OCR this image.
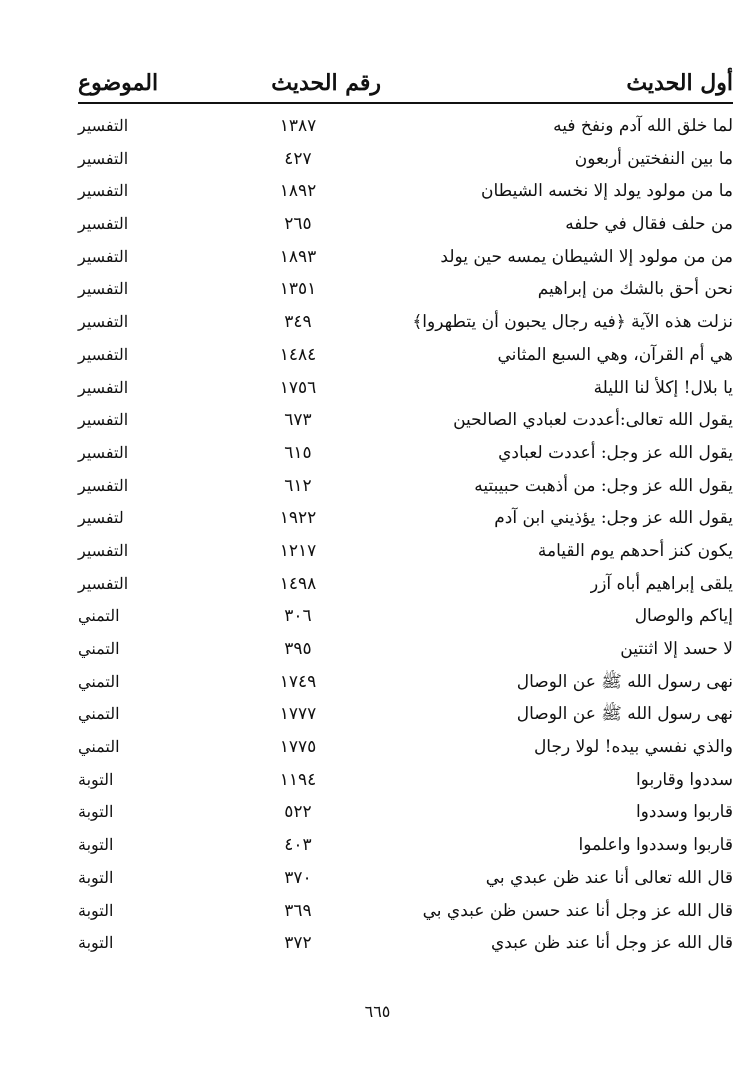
أول الحديث
رقم الحديث
الموضوع
لما خلق الله آدم ونفخ فيه
١٣٨٧
التفسير
ما بين النفختين أربعون
٤٢٧
التفسير
ما من مولود يولد إلا نخسه الشيطان
١٨٩٢
التفسير
من حلف فقال في حلفه
٢٦٥
التفسير
من من مولود إلا الشيطان يمسه حين يولد
١٨٩٣
التفسير
نحن أحق بالشك من إبراهيم
١٣٥١
التفسير
نزلت هذه الآية ﴿فيه رجال يحبون أن يتطهروا﴾
٣٤٩
التفسير
هي أم القرآن، وهي السبع المثاني
١٤٨٤
التفسير
يا بلال! إكلأ لنا الليلة
١٧٥٦
التفسير
يقول الله تعالى:أعددت لعبادي الصالحين
٦٧٣
التفسير
يقول الله عز وجل: أعددت لعبادي
٦١٥
التفسير
يقول الله عز وجل: من أذهبت حبيبتيه
٦١٢
التفسير
يقول الله عز وجل: يؤذيني ابن آدم
١٩٢٢
لتفسير
يكون كنز أحدهم يوم القيامة
١٢١٧
التفسير
يلقى إبراهيم أباه آزر
١٤٩٨
التفسير
إياكم والوصال
٣٠٦
التمني
لا حسد إلا اثنتين
٣٩٥
التمني
نهى رسول الله ﷺ عن الوصال
١٧٤٩
التمني
نهى رسول الله ﷺ عن الوصال
١٧٧٧
التمني
والذي نفسي بيده! لولا رجال
١٧٧٥
التمني
سددوا وقاربوا
١١٩٤
التوبة
قاربوا وسددوا
٥٢٢
التوبة
قاربوا وسددوا واعلموا
٤٠٣
التوبة
قال الله تعالى أنا عند ظن عبدي بي
٣٧٠
التوبة
قال الله عز وجل أنا عند حسن ظن عبدي بي
٣٦٩
التوبة
قال الله عز وجل أنا عند ظن عبدي
٣٧٢
التوبة
٦٦٥
